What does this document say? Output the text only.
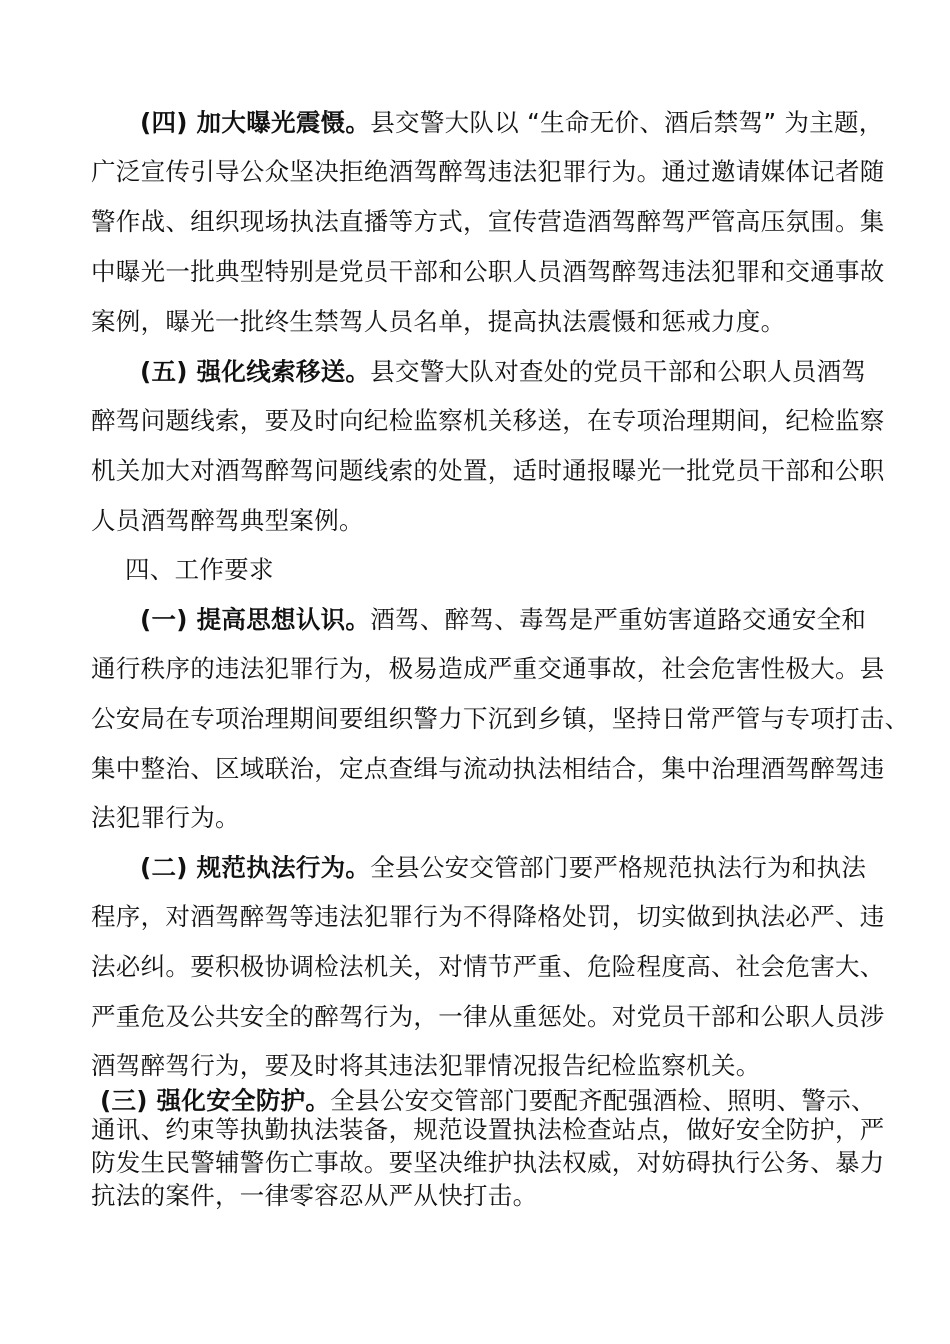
(四) 加大曝光震慑。县交警大队以 “生命无价、酒后禁驾” 为主题，
广泛宣传引导公众坚决拒绝酒驾醉驾违法犯罪行为。通过邀请媒体记者随
警作战、组织现场执法直播等方式，宣传营造酒驾醉驾严管高压氛围。集
中曝光一批典型特别是党员干部和公职人员酒驾醉驾违法犯罪和交通事故
案例，曝光一批终生禁驾人员名单，提高执法震慑和惩戒力度。
(五) 强化线索移送。县交警大队对查处的党员干部和公职人员酒驾
醉驾问题线索，要及时向纪检监察机关移送，在专项治理期间，纪检监察
机关加大对酒驾醉驾问题线索的处置，适时通报曝光一批党员干部和公职
人员酒驾醉驾典型案例。
四、工作要求
(一) 提高思想认识。酒驾、醉驾、毒驾是严重妨害道路交通安全和
通行秩序的违法犯罪行为，极易造成严重交通事故，社会危害性极大。县
公安局在专项治理期间要组织警力下沉到乡镇，坚持日常严管与专项打击、
集中整治、区域联治，定点查缉与流动执法相结合，集中治理酒驾醉驾违
法犯罪行为。
(二) 规范执法行为。全县公安交管部门要严格规范执法行为和执法
程序，对酒驾醉驾等违法犯罪行为不得降格处罚，切实做到执法必严、违
法必纠。要积极协调检法机关，对情节严重、危险程度高、社会危害大、
严重危及公共安全的醉驾行为，一律从重惩处。对党员干部和公职人员涉
酒驾醉驾行为，要及时将其违法犯罪情况报告纪检监察机关。
(三) 强化安全防护。全县公安交管部门要配齐配强酒检、照明、警示、
通讯、约束等执勤执法装备，规范设置执法检查站点，做好安全防护，严
防发生民警辅警伤亡事故。要坚决维护执法权威，对妨碍执行公务、暴力
抗法的案件，一律零容忍从严从快打击。
